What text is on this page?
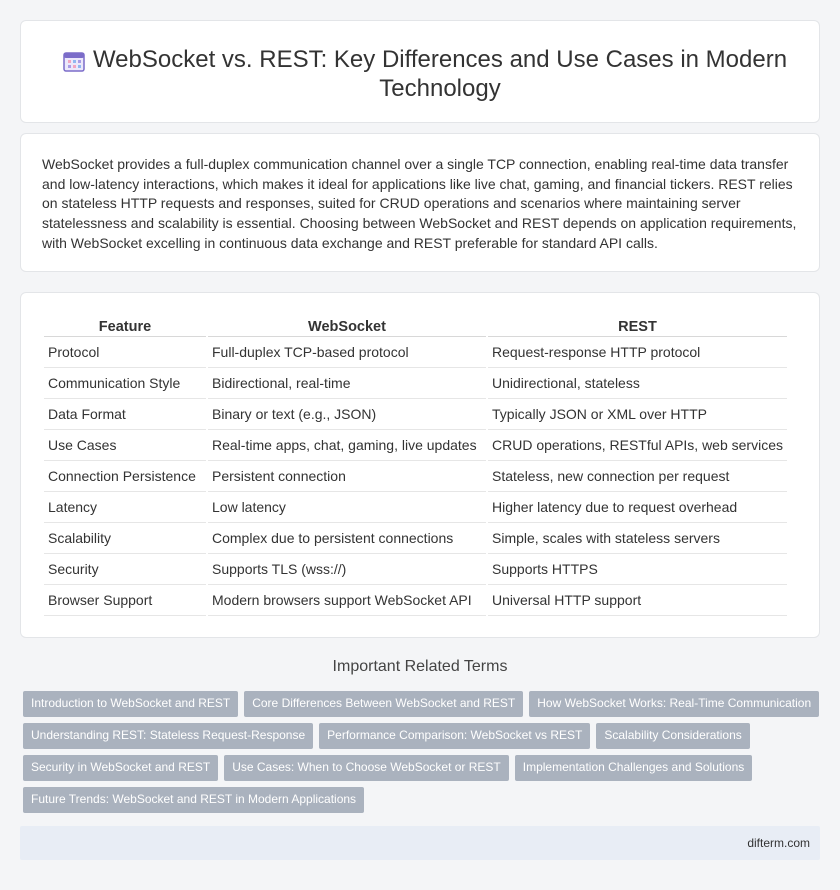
WebSocket vs. REST: Key Differences and Use Cases in Modern Technology

WebSocket provides a full-duplex communication channel over a single TCP connection, enabling real-time data transfer and low-latency interactions, which makes it ideal for applications like live chat, gaming, and financial tickers. REST relies on stateless HTTP requests and responses, suited for CRUD operations and scenarios where maintaining server statelessness and scalability is essential. Choosing between WebSocket and REST depends on application requirements, with WebSocket excelling in continuous data exchange and REST preferable for standard API calls.

Feature	WebSocket	REST
Protocol	Full-duplex TCP-based protocol	Request-response HTTP protocol
Communication Style	Bidirectional, real-time	Unidirectional, stateless
Data Format	Binary or text (e.g., JSON)	Typically JSON or XML over HTTP
Use Cases	Real-time apps, chat, gaming, live updates	CRUD operations, RESTful APIs, web services
Connection Persistence	Persistent connection	Stateless, new connection per request
Latency	Low latency	Higher latency due to request overhead
Scalability	Complex due to persistent connections	Simple, scales with stateless servers
Security	Supports TLS (wss://)	Supports HTTPS
Browser Support	Modern browsers support WebSocket API	Universal HTTP support
Important Related Terms
Introduction to WebSocket and REST	Core Differences Between WebSocket and REST	How WebSocket Works: Real-Time Communication
Understanding REST: Stateless Request-Response	Performance Comparison: WebSocket vs REST	Scalability Considerations
Security in WebSocket and REST	Use Cases: When to Choose WebSocket or REST	Implementation Challenges and Solutions
Future Trends: WebSocket and REST in Modern Applications
difterm.com
